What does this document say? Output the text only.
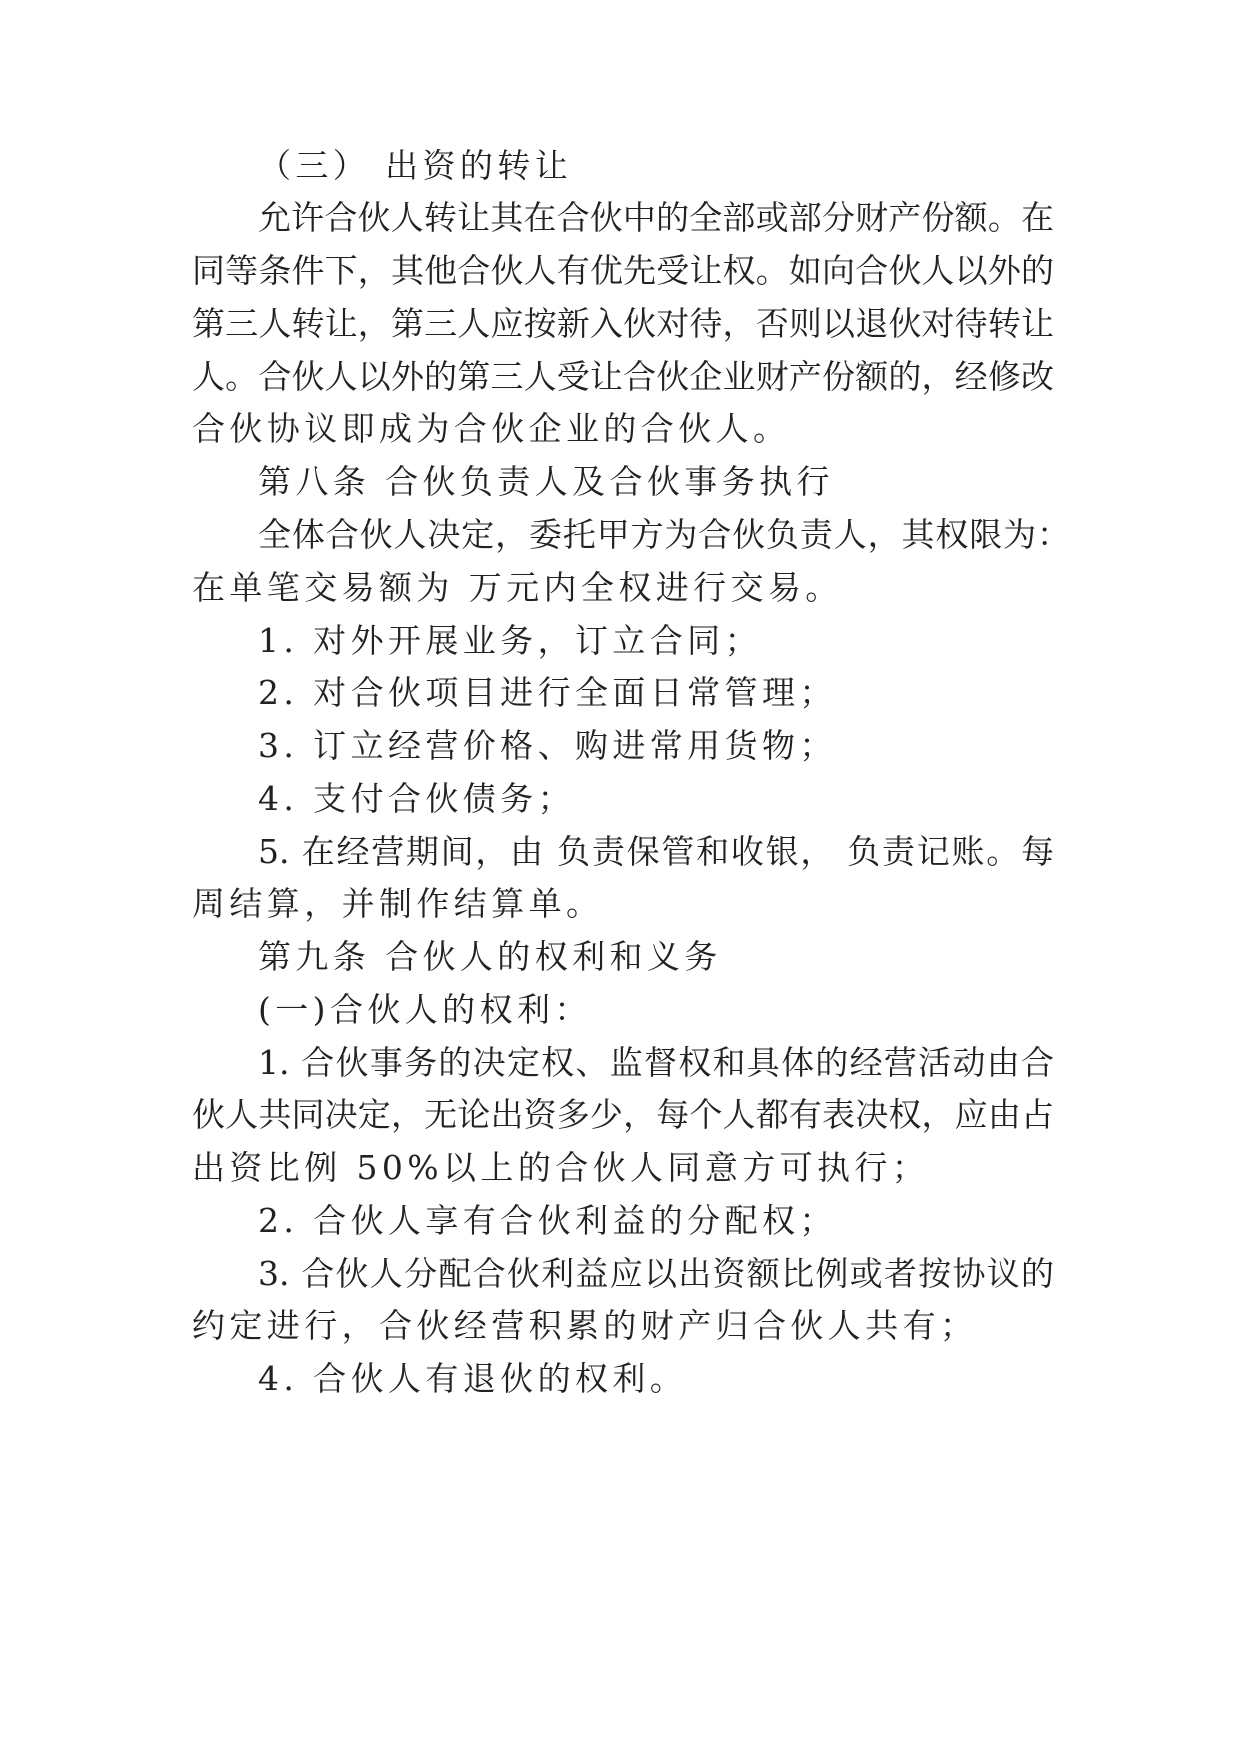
（三） 出资的转让
允许合伙人转让其在合伙中的全部或部分财产份额。在
同等条件下，其他合伙人有优先受让权。如向合伙人以外的
第三人转让，第三人应按新入伙对待，否则以退伙对待转让
人。合伙人以外的第三人受让合伙企业财产份额的，经修改
合伙协议即成为合伙企业的合伙人。
第八条 合伙负责人及合伙事务执行
全体合伙人决定，委托甲方为合伙负责人，其权限为：
在单笔交易额为 万元内全权进行交易。
1. 对外开展业务，订立合同；
2. 对合伙项目进行全面日常管理；
3. 订立经营价格、购进常用货物；
4. 支付合伙债务；
5. 在经营期间，由 负责保管和收银， 负责记账。每
周结算，并制作结算单。
第九条 合伙人的权利和义务
(一)合伙人的权利：
1. 合伙事务的决定权、监督权和具体的经营活动由合
伙人共同决定，无论出资多少，每个人都有表决权，应由占
出资比例 50%以上的合伙人同意方可执行；
2. 合伙人享有合伙利益的分配权；
3. 合伙人分配合伙利益应以出资额比例或者按协议的
约定进行，合伙经营积累的财产归合伙人共有；
4. 合伙人有退伙的权利。
